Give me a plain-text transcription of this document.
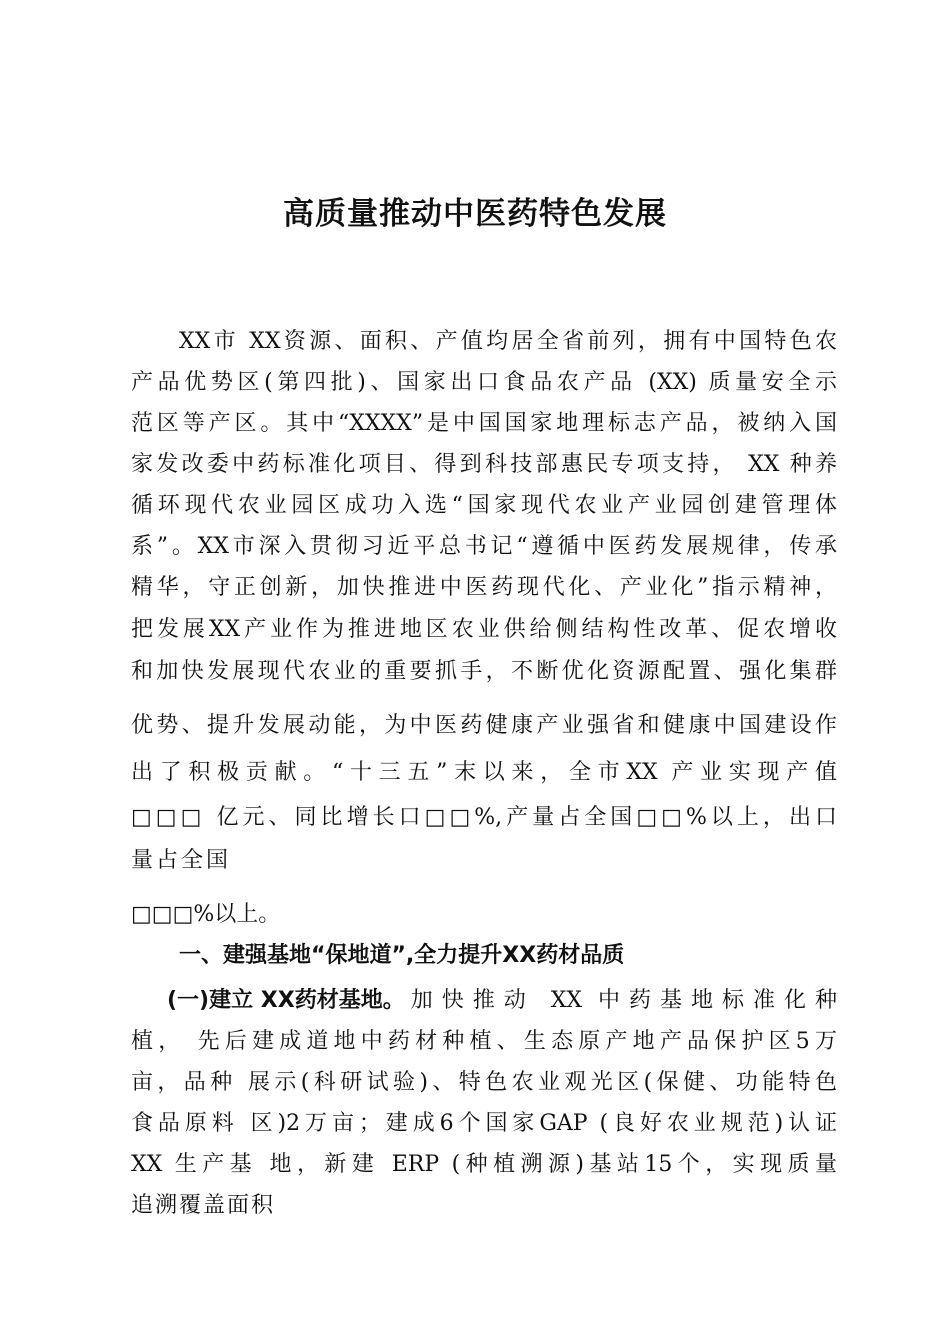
高质量推动中医药特色发展
XX市 XX资源、面积、产值均居全省前列，拥有中国特色农
产品优势区(第四批)、国家出口食品农产品 (XX) 质量安全示
范区等产区。其中“XXXX”是中国国家地理标志产品，被纳入国
家发改委中药标准化项目、得到科技部惠民专项支持， XX 种养
循环现代农业园区成功入选“国家现代农业产业园创建管理体
系”。XX市深入贯彻习近平总书记“遵循中医药发展规律，传承
精华，守正创新，加快推进中医药现代化、产业化”指示精神，
把发展XX产业作为推进地区农业供给侧结构性改革、促农增收
和加快发展现代农业的重要抓手，不断优化资源配置、强化集群
优势、提升发展动能，为中医药健康产业强省和健康中国建设作
出了积极贡献。“十三五”末以来，全市XX 产业实现产值
□□□ 亿元、同比增长口□□%,产量占全国□□%以上，出口
量占全国
□□□%以上。
一、建强基地“保地道”,全力提升XX药材品质
(一)建立 XX药材基地。 加快推动 XX 中药基地标准化种
植， 先后建成道地中药材种植、生态原产地产品保护区5万
亩，品种 展示(科研试验)、特色农业观光区(保健、功能特色
食品原料 区)2万亩；建成6个国家GAP (良好农业规范)认证
XX 生产基 地，新建 ERP (种植溯源)基站15个，实现质量
追溯覆盖面积
